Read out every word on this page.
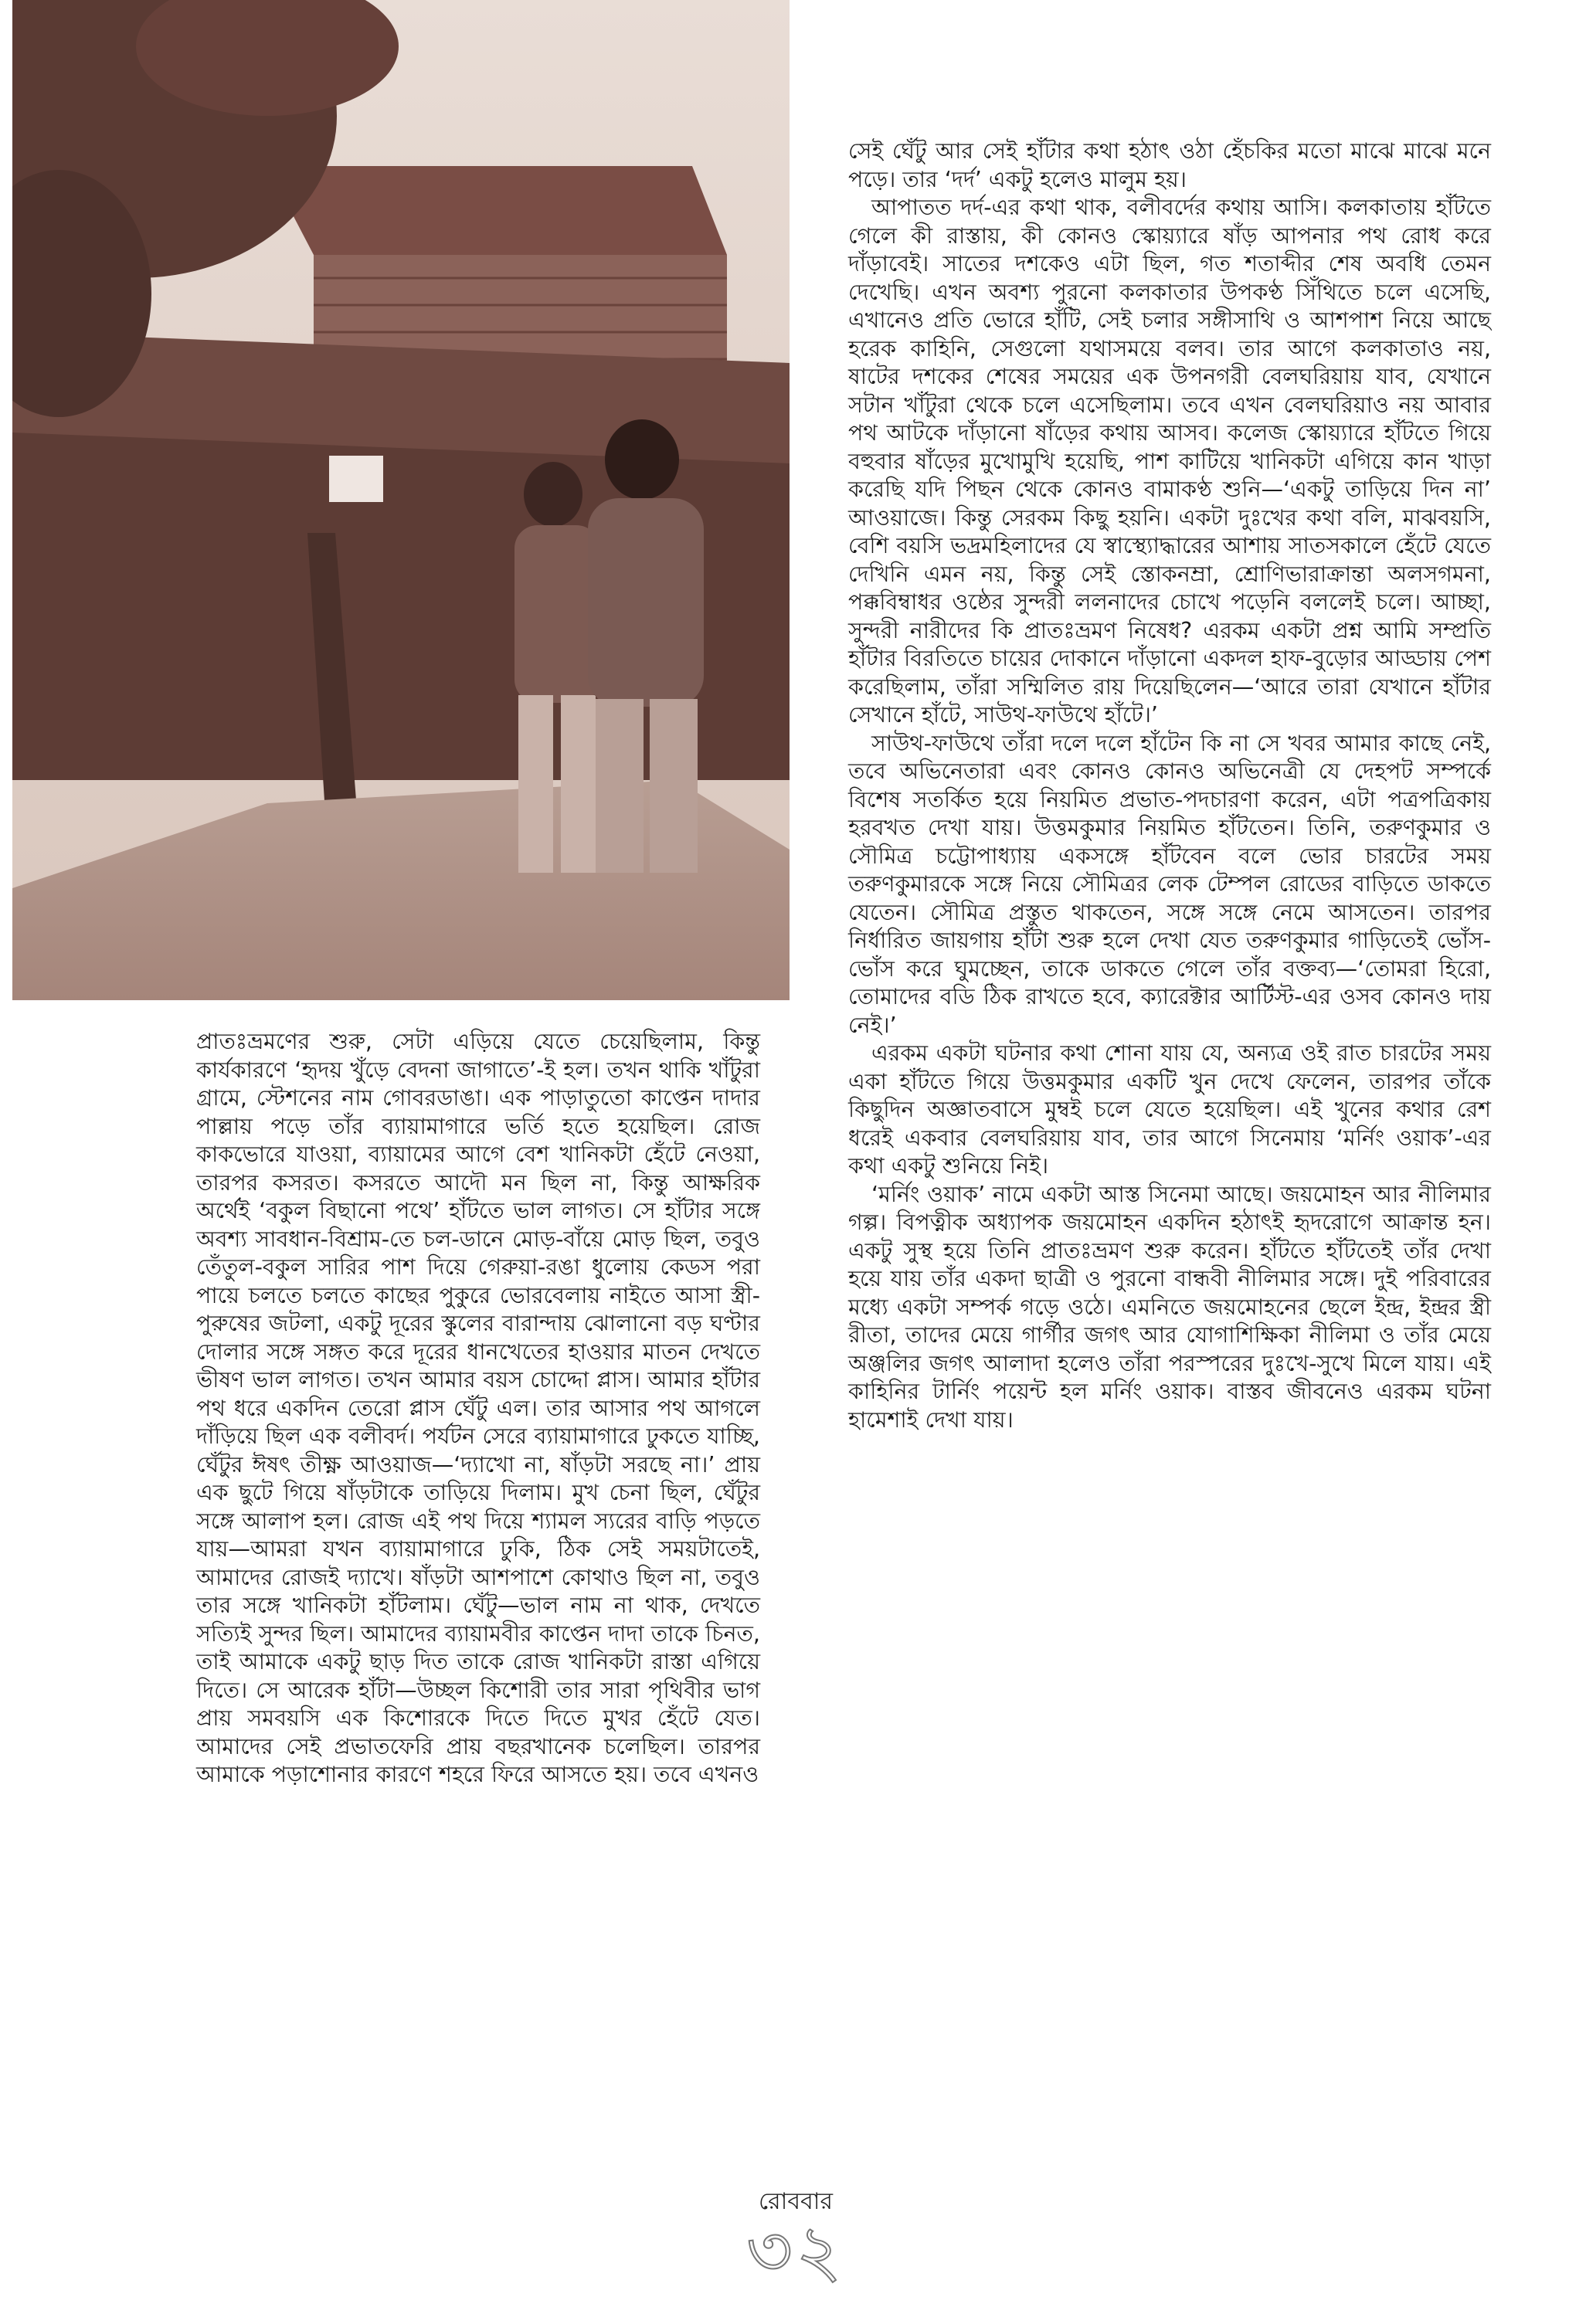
সেই ঘেঁটু আর সেই হাঁটার কথা হঠাৎ ওঠা হেঁচকির মতো মাঝে মাঝে মনে পড়ে। তার ‘দর্দ’ একটু হলেও মালুম হয়।

আপাতত দর্দ-এর কথা থাক, বলীবর্দের কথায় আসি। কলকাতায় হাঁটতে গেলে কী রাস্তায়, কী কোনও স্কোয়্যারে ষাঁড় আপনার পথ রোধ করে দাঁড়াবেই। সাতের দশকেও এটা ছিল, গত শতাব্দীর শেষ অবধি তেমন দেখেছি। এখন অবশ্য পুরনো কলকাতার উপকণ্ঠ সিঁথিতে চলে এসেছি, এখানেও প্রতি ভোরে হাঁটি, সেই চলার সঙ্গীসাথি ও আশপাশ নিয়ে আছে হরেক কাহিনি, সেগুলো যথাসময়ে বলব। তার আগে কলকাতাও নয়, ষাটের দশকের শেষের সময়ের এক উপনগরী বেলঘরিয়ায় যাব, যেখানে সটান খাঁটুরা থেকে চলে এসেছিলাম। তবে এখন বেলঘরিয়াও নয় আবার পথ আটকে দাঁড়ানো ষাঁড়ের কথায় আসব। কলেজ স্কোয়্যারে হাঁটতে গিয়ে বহুবার ষাঁড়ের মুখোমুখি হয়েছি, পাশ কাটিয়ে খানিকটা এগিয়ে কান খাড়া করেছি যদি পিছন থেকে কোনও বামাকণ্ঠ শুনি—‘একটু তাড়িয়ে দিন না’ আওয়াজে। কিন্তু সেরকম কিছু হয়নি। একটা দুঃখের কথা বলি, মাঝবয়সি, বেশি বয়সি ভদ্রমহিলাদের যে স্বাস্থ্যোদ্ধারের আশায় সাতসকালে হেঁটে যেতে দেখিনি এমন নয়, কিন্তু সেই স্তোকনম্রা, শ্রোণিভারাক্রান্তা অলসগমনা, পক্কবিম্বাধর ওষ্ঠের সুন্দরী ললনাদের চোখে পড়েনি বললেই চলে। আচ্ছা, সুন্দরী নারীদের কি প্রাতঃভ্রমণ নিষেধ? এরকম একটা প্রশ্ন আমি সম্প্রতি হাঁটার বিরতিতে চায়ের দোকানে দাঁড়ানো একদল হাফ-বুড়োর আড্ডায় পেশ করেছিলাম, তাঁরা সম্মিলিত রায় দিয়েছিলেন—‘আরে তারা যেখানে হাঁটার সেখানে হাঁটে, সাউথ-ফাউথে হাঁটে।’

সাউথ-ফাউথে তাঁরা দলে দলে হাঁটেন কি না সে খবর আমার কাছে নেই, তবে অভিনেতারা এবং কোনও কোনও অভিনেত্রী যে দেহপট সম্পর্কে বিশেষ সতর্কিত হয়ে নিয়মিত প্রভাত-পদচারণা করেন, এটা পত্রপত্রিকায় হরবখত দেখা যায়। উত্তমকুমার নিয়মিত হাঁটতেন। তিনি, তরুণকুমার ও সৌমিত্র চট্টোপাধ্যায় একসঙ্গে হাঁটবেন বলে ভোর চারটের সময় তরুণকুমারকে সঙ্গে নিয়ে সৌমিত্রর লেক টেম্পল রোডের বাড়িতে ডাকতে যেতেন। সৌমিত্র প্রস্তুত থাকতেন, সঙ্গে সঙ্গে নেমে আসতেন। তারপর নির্ধারিত জায়গায় হাঁটা শুরু হলে দেখা যেত তরুণকুমার গাড়িতেই ভোঁস-ভোঁস করে ঘুমচ্ছেন, তাকে ডাকতে গেলে তাঁর বক্তব্য—‘তোমরা হিরো, তোমাদের বডি ঠিক রাখতে হবে, ক্যারেক্টার আর্টিস্ট-এর ওসব কোনও দায় নেই।’

এরকম একটা ঘটনার কথা শোনা যায় যে, অন্যত্র ওই রাত চারটের সময় একা হাঁটতে গিয়ে উত্তমকুমার একটি খুন দেখে ফেলেন, তারপর তাঁকে কিছুদিন অজ্ঞাতবাসে মুম্বই চলে যেতে হয়েছিল। এই খুনের কথার রেশ ধরেই একবার বেলঘরিয়ায় যাব, তার আগে সিনেমায় ‘মর্নিং ওয়াক’-এর কথা একটু শুনিয়ে নিই।

‘মর্নিং ওয়াক’ নামে একটা আস্ত সিনেমা আছে। জয়মোহন আর নীলিমার গল্প। বিপত্নীক অধ্যাপক জয়মোহন একদিন হঠাৎই হৃদরোগে আক্রান্ত হন। একটু সুস্থ হয়ে তিনি প্রাতঃভ্রমণ শুরু করেন। হাঁটতে হাঁটতেই তাঁর দেখা হয়ে যায় তাঁর একদা ছাত্রী ও পুরনো বান্ধবী নীলিমার সঙ্গে। দুই পরিবারের মধ্যে একটা সম্পর্ক গড়ে ওঠে। এমনিতে জয়মোহনের ছেলে ইন্দ্র, ইন্দ্রর স্ত্রী রীতা, তাদের মেয়ে গার্গীর জগৎ আর যোগাশিক্ষিকা নীলিমা ও তাঁর মেয়ে অঞ্জলির জগৎ আলাদা হলেও তাঁরা পরস্পরের দুঃখে-সুখে মিলে যায়। এই কাহিনির টার্নিং পয়েন্ট হল মর্নিং ওয়াক। বাস্তব জীবনেও এরকম ঘটনা হামেশাই দেখা যায়।

প্রাতঃভ্রমণের শুরু, সেটা এড়িয়ে যেতে চেয়েছিলাম, কিন্তু কার্যকারণে ‘হৃদয় খুঁড়ে বেদনা জাগাতে’-ই হল। তখন থাকি খাঁটুরা গ্রামে, স্টেশনের নাম গোবরডাঙা। এক পাড়াতুতো কাপ্তেন দাদার পাল্লায় পড়ে তাঁর ব্যায়ামাগারে ভর্তি হতে হয়েছিল। রোজ কাকভোরে যাওয়া, ব্যায়ামের আগে বেশ খানিকটা হেঁটে নেওয়া, তারপর কসরত। কসরতে আদৌ মন ছিল না, কিন্তু আক্ষরিক অর্থেই ‘বকুল বিছানো পথে’ হাঁটতে ভাল লাগত। সে হাঁটার সঙ্গে অবশ্য সাবধান-বিশ্রাম-তে চল-ডানে মোড়-বাঁয়ে মোড় ছিল, তবুও তেঁতুল-বকুল সারির পাশ দিয়ে গেরুয়া-রঙা ধুলোয় কেডস পরা পায়ে চলতে চলতে কাছের পুকুরে ভোরবেলায় নাইতে আসা স্ত্রী-পুরুষের জটলা, একটু দূরের স্কুলের বারান্দায় ঝোলানো বড় ঘণ্টার দোলার সঙ্গে সঙ্গত করে দূরের ধানখেতের হাওয়ার মাতন দেখতে ভীষণ ভাল লাগত। তখন আমার বয়স চোদ্দো প্লাস। আমার হাঁটার পথ ধরে একদিন তেরো প্লাস ঘেঁটু এল। তার আসার পথ আগলে দাঁড়িয়ে ছিল এক বলীবর্দ। পর্যটন সেরে ব্যায়ামাগারে ঢুকতে যাচ্ছি, ঘেঁটুর ঈষৎ তীক্ষ্ণ আওয়াজ—‘দ্যাখো না, ষাঁড়টা সরছে না।’ প্রায় এক ছুটে গিয়ে ষাঁড়টাকে তাড়িয়ে দিলাম। মুখ চেনা ছিল, ঘেঁটুর সঙ্গে আলাপ হল। রোজ এই পথ দিয়ে শ্যামল স্যরের বাড়ি পড়তে যায়—আমরা যখন ব্যায়ামাগারে ঢুকি, ঠিক সেই সময়টাতেই, আমাদের রোজই দ্যাখে। ষাঁড়টা আশপাশে কোথাও ছিল না, তবুও তার সঙ্গে খানিকটা হাঁটলাম। ঘেঁটু—ভাল নাম না থাক, দেখতে সত্যিই সুন্দর ছিল। আমাদের ব্যায়ামবীর কাপ্তেন দাদা তাকে চিনত, তাই আমাকে একটু ছাড় দিত তাকে রোজ খানিকটা রাস্তা এগিয়ে দিতে। সে আরেক হাঁটা—উচ্ছল কিশোরী তার সারা পৃথিবীর ভাগ প্রায় সমবয়সি এক কিশোরকে দিতে দিতে মুখর হেঁটে যেত। আমাদের সেই প্রভাতফেরি প্রায় বছরখানেক চলেছিল। তারপর আমাকে পড়াশোনার কারণে শহরে ফিরে আসতে হয়। তবে এখনও

রোববার
৩২
